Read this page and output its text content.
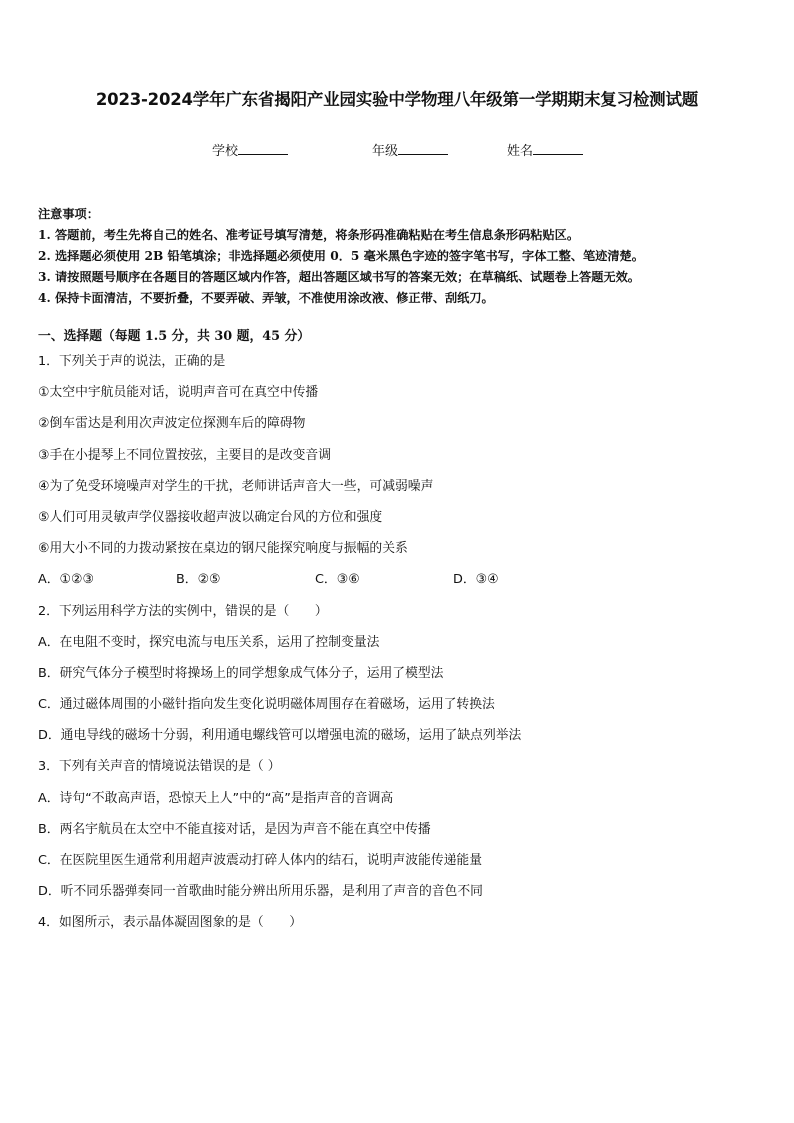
2023-2024学年广东省揭阳产业园实验中学物理八年级第一学期期末复习检测试题
学校	年级	姓名
注意事项：
1. 答题前，考生先将自己的姓名、准考证号填写清楚，将条形码准确粘贴在考生信息条形码粘贴区。
2. 选择题必须使用 2B 铅笔填涂；非选择题必须使用 0．5 毫米黑色字迹的签字笔书写，字体工整、笔迹清楚。
3. 请按照题号顺序在各题目的答题区域内作答，超出答题区域书写的答案无效；在草稿纸、试题卷上答题无效。
4. 保持卡面清洁，不要折叠，不要弄破、弄皱，不准使用涂改液、修正带、刮纸刀。
一、选择题（每题 1.5 分，共 30 题，45 分）
1．下列关于声的说法，正确的是
①太空中宇航员能对话，说明声音可在真空中传播
②倒车雷达是利用次声波定位探测车后的障碍物
③手在小提琴上不同位置按弦，主要目的是改变音调
④为了免受环境噪声对学生的干扰，老师讲话声音大一些，可减弱噪声
⑤人们可用灵敏声学仪器接收超声波以确定台风的方位和强度
⑥用大小不同的力拨动紧按在桌边的钢尺能探究响度与振幅的关系
A．①②③	B．②⑤	C．③⑥	D．③④
2．下列运用科学方法的实例中，错误的是（　　）
A．在电阻不变时，探究电流与电压关系，运用了控制变量法
B．研究气体分子模型时将操场上的同学想象成气体分子，运用了模型法
C．通过磁体周围的小磁针指向发生变化说明磁体周围存在着磁场，运用了转换法
D．通电导线的磁场十分弱，利用通电螺线管可以增强电流的磁场，运用了缺点列举法
3．下列有关声音的情境说法错误的是（ ）
A．诗句“不敢高声语，恐惊天上人”中的“高”是指声音的音调高
B．两名宇航员在太空中不能直接对话，是因为声音不能在真空中传播
C．在医院里医生通常利用超声波震动打碎人体内的结石，说明声波能传递能量
D．听不同乐器弹奏同一首歌曲时能分辨出所用乐器，是利用了声音的音色不同
4．如图所示，表示晶体凝固图象的是（　　）
